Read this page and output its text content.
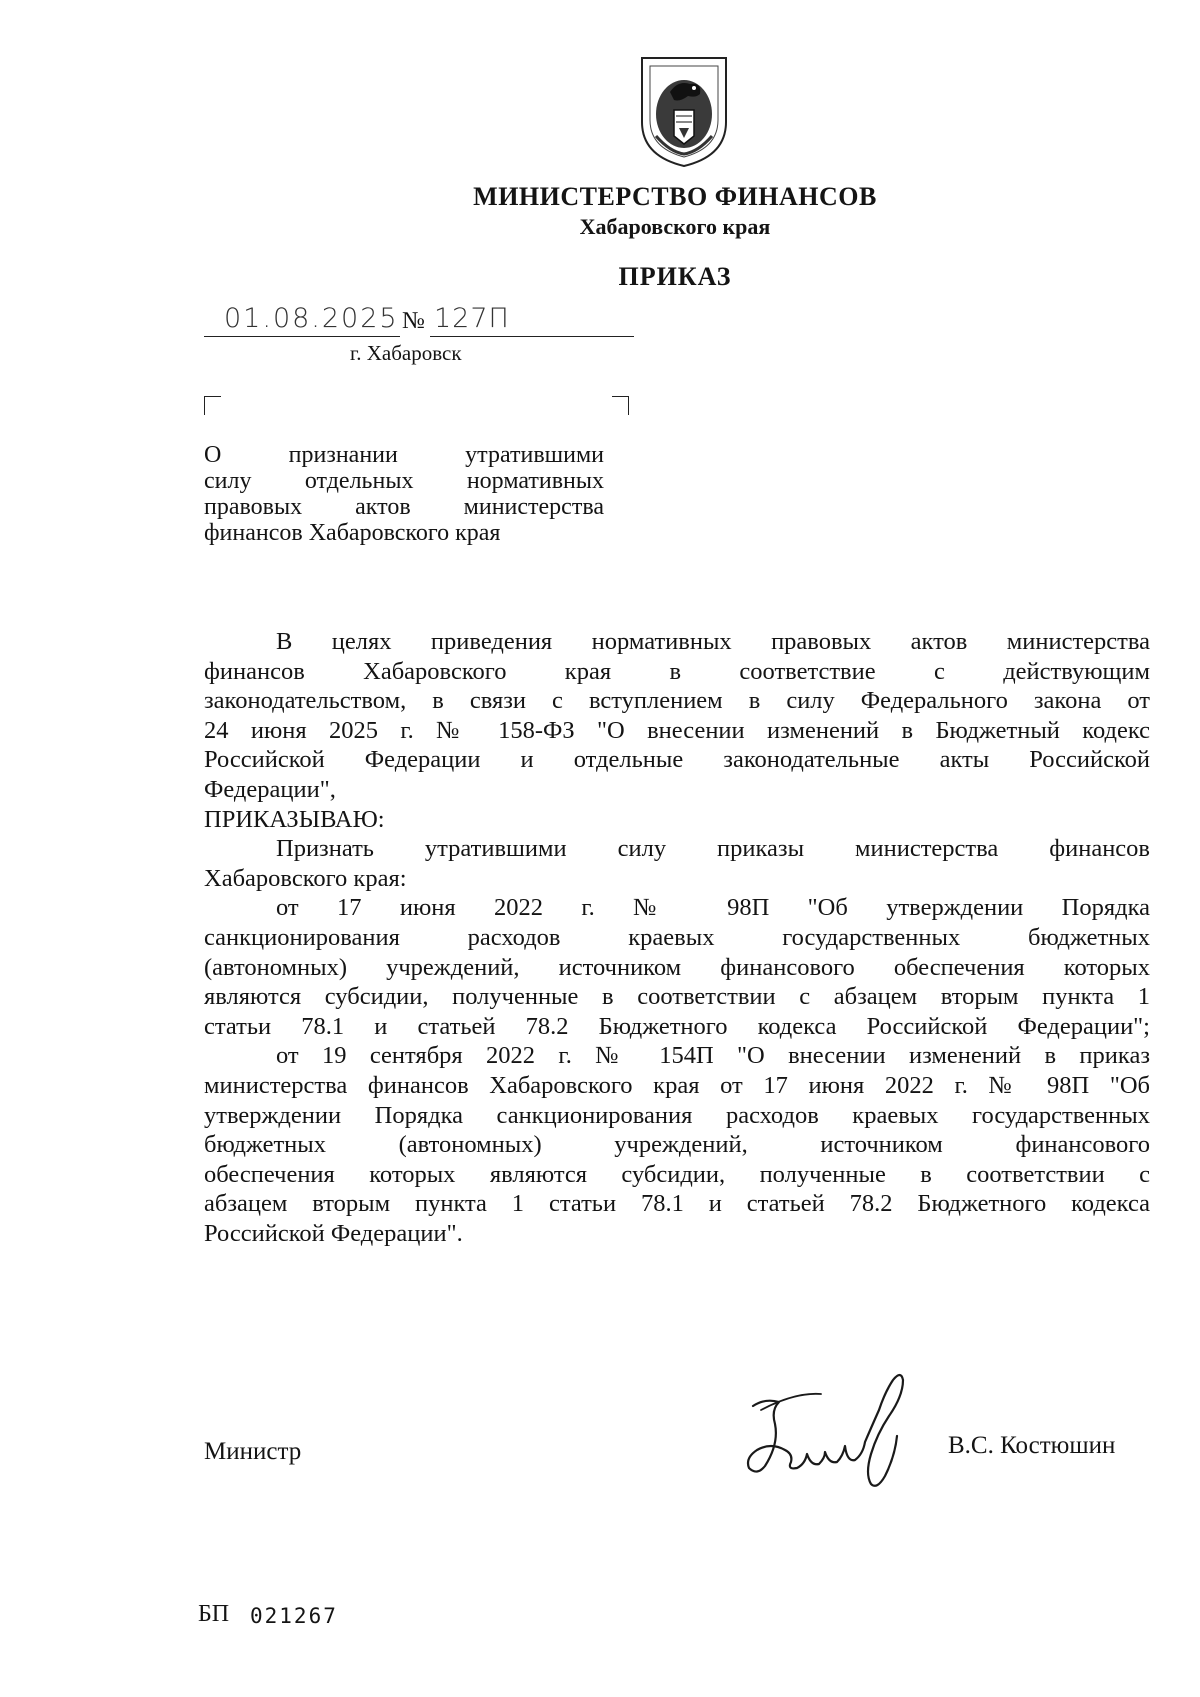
МИНИСТЕРСТВО ФИНАНСОВ
Хабаровского края
ПРИКАЗ
01.08.2025 № 127П
г. Хабаровск
О признании утратившими
силу отдельных нормативных
правовых актов министерства
финансов Хабаровского края
В целях приведения нормативных правовых актов министерства
финансов Хабаровского края в соответствие с действующим
законодательством, в связи с вступлением в силу Федерального закона от
24 июня 2025 г. № 158-ФЗ "О внесении изменений в Бюджетный кодекс
Российской Федерации и отдельные законодательные акты Российской
Федерации",
ПРИКАЗЫВАЮ:
Признать утратившими силу приказы министерства финансов
Хабаровского края:
от 17 июня 2022 г. № 98П "Об утверждении Порядка
санкционирования расходов краевых государственных бюджетных
(автономных) учреждений, источником финансового обеспечения которых
являются субсидии, полученные в соответствии с абзацем вторым пункта 1
статьи 78.1 и статьей 78.2 Бюджетного кодекса Российской Федерации";
от 19 сентября 2022 г. № 154П "О внесении изменений в приказ
министерства финансов Хабаровского края от 17 июня 2022 г. № 98П "Об
утверждении Порядка санкционирования расходов краевых государственных
бюджетных (автономных) учреждений, источником финансового
обеспечения которых являются субсидии, полученные в соответствии с
абзацем вторым пункта 1 статьи 78.1 и статьей 78.2 Бюджетного кодекса
Российской Федерации".
Министр	В.С. Костюшин
БП 021267
